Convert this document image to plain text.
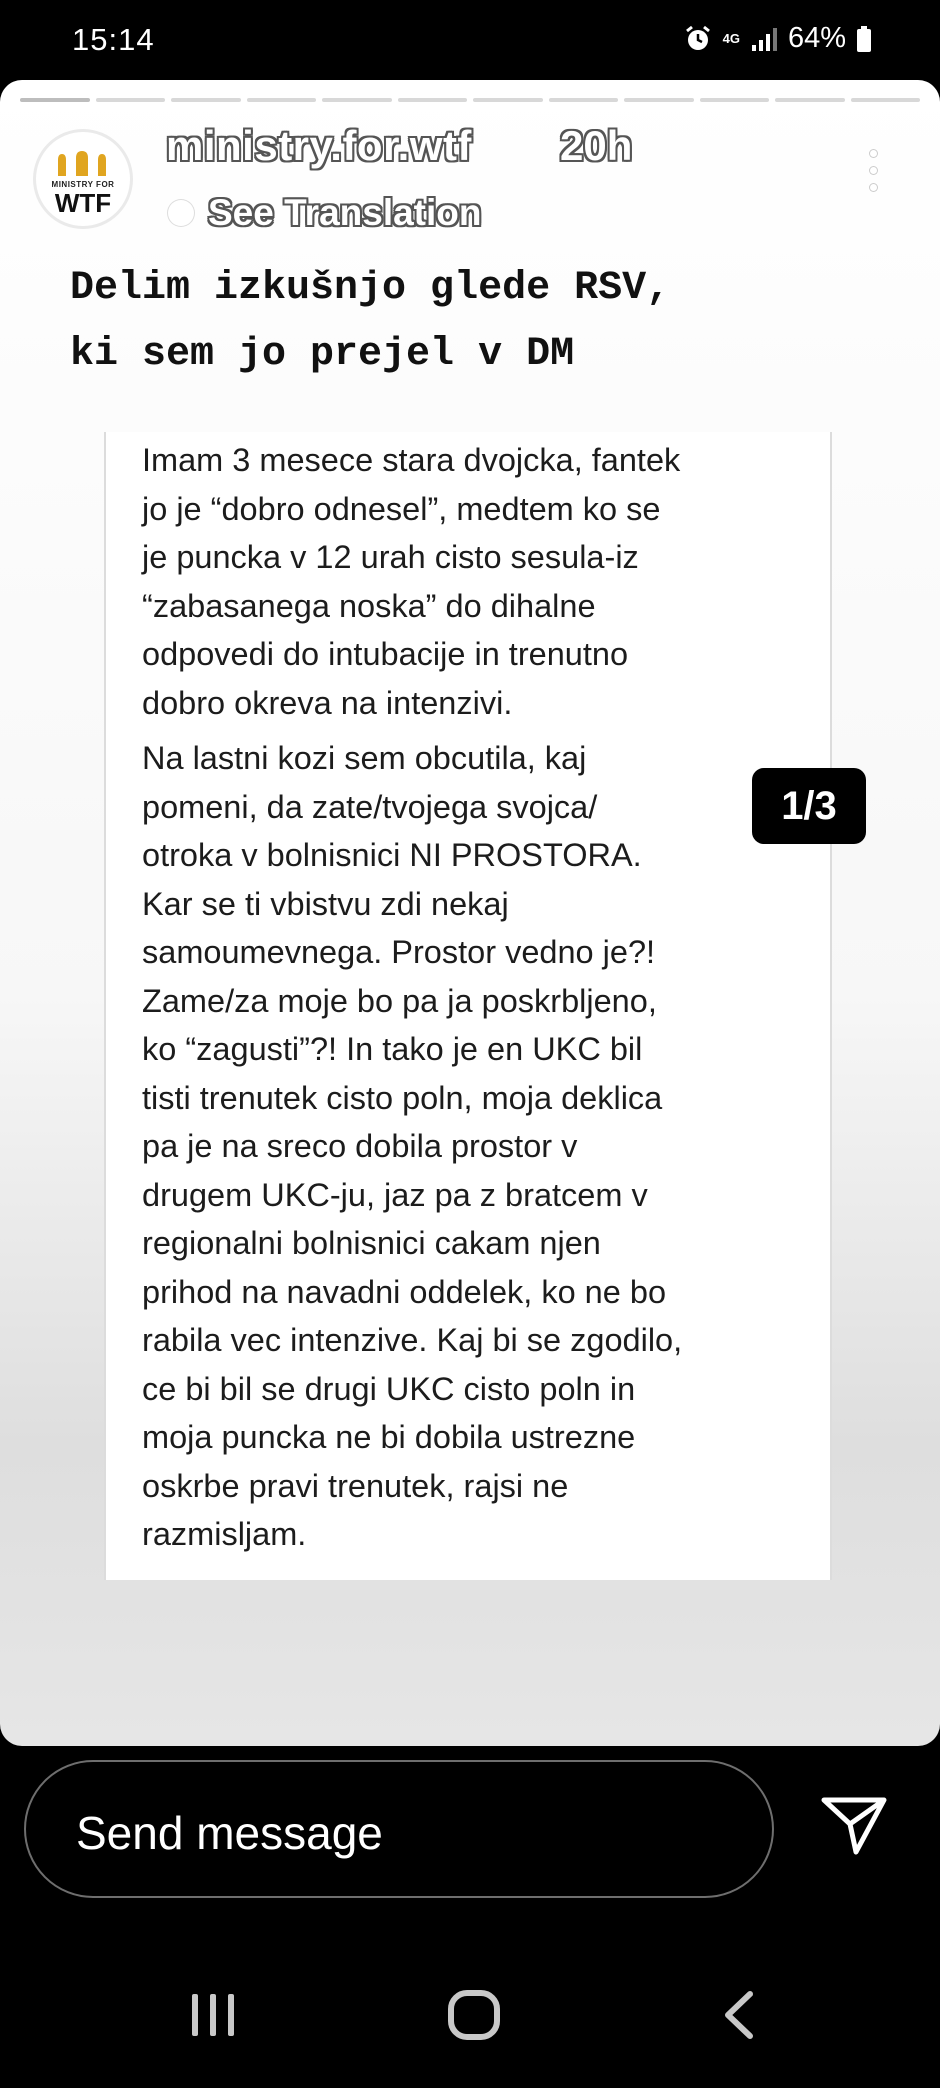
15:14	4G 64%
MINISTRY FOR
WTF
ministry.for.wtf 20h
See Translation
Delim izkušnjo glede RSV,
ki sem jo prejel v DM

Imam 3 mesece stara dvojcka, fantek
jo je “dobro odnesel”, medtem ko se
je puncka v 12 urah cisto sesula-iz
“zabasanega noska” do dihalne
odpovedi do intubacije in trenutno
dobro okreva na intenzivi.

Na lastni kozi sem obcutila, kaj
pomeni, da zate/tvojega svojca/
otroka v bolnisnici NI PROSTORA.
Kar se ti vbistvu zdi nekaj
samoumevnega. Prostor vedno je?!
Zame/za moje bo pa ja poskrbljeno,
ko “zagusti”?! In tako je en UKC bil
tisti trenutek cisto poln, moja deklica
pa je na sreco dobila prostor v
drugem UKC-ju, jaz pa z bratcem v
regionalni bolnisnici cakam njen
prihod na navadni oddelek, ko ne bo
rabila vec intenzive. Kaj bi se zgodilo,
ce bi bil se drugi UKC cisto poln in
moja puncka ne bi dobila ustrezne
oskrbe pravi trenutek, rajsi ne
razmisljam.

1/3
Send message
